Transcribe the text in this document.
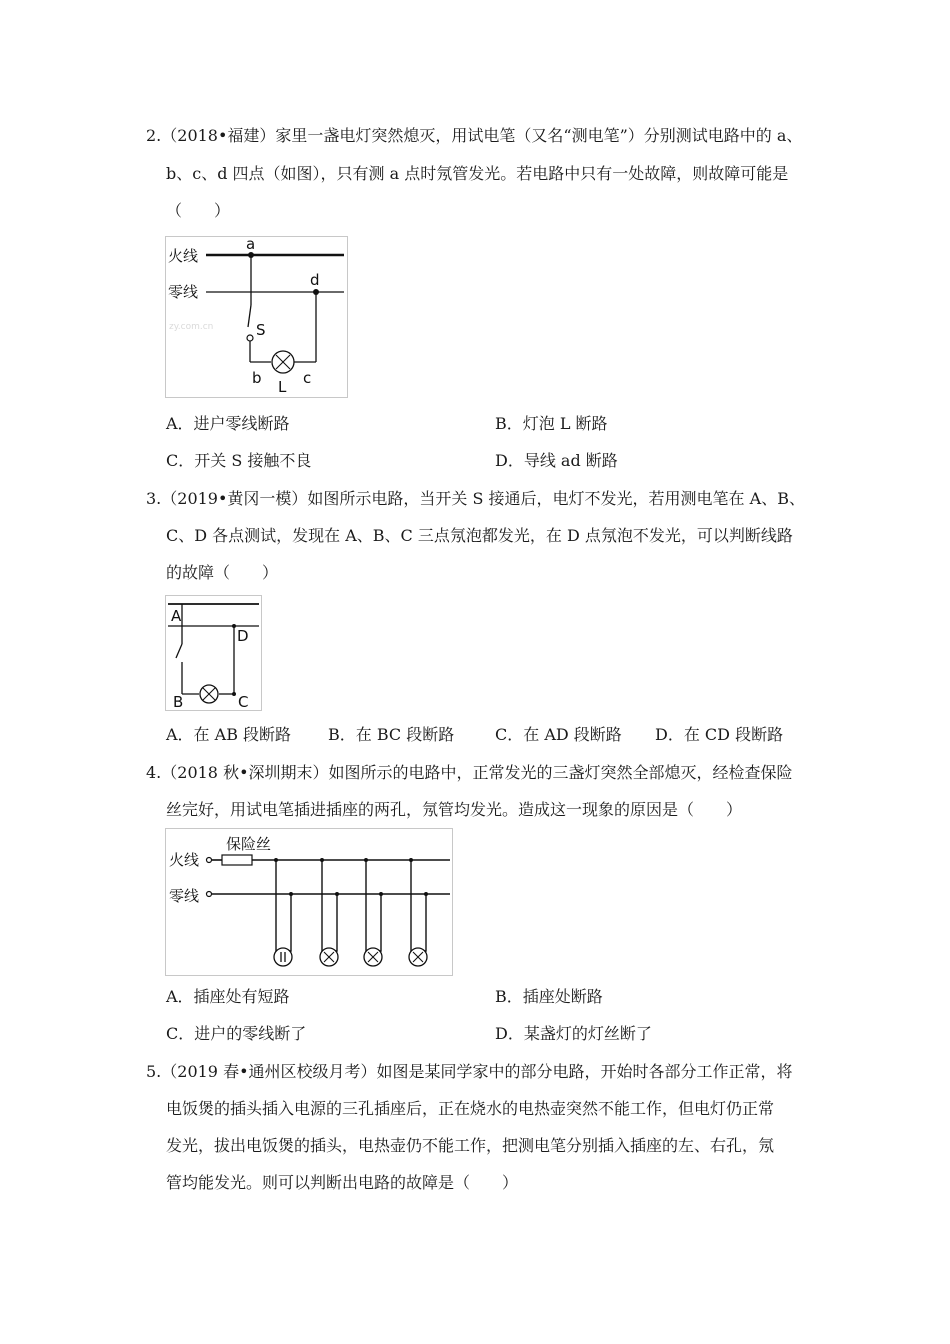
2.（2018•福建）家里一盏电灯突然熄灭，用试电笔（又名“测电笔”）分别测试电路中的 a、
b、c、d 四点（如图），只有测 a 点时氖管发光。若电路中只有一处故障，则故障可能是
（　　）
火线
零线
a
d
S
zy.com.cn
b L c
A．进户零线断路	B．灯泡 L 断路
C．开关 S 接触不良	D．导线 ad 断路
3.（2019•黄冈一模）如图所示电路，当开关 S 接通后，电灯不发光，若用测电笔在 A、B、
C、D 各点测试，发现在 A、B、C 三点氖泡都发光，在 D 点氖泡不发光，可以判断线路
的故障（　　）
A
D
B	C
A．在 AB 段断路 B．在 BC 段断路	C．在 AD 段断路 D．在 CD 段断路
4.（2018 秋•深圳期末）如图所示的电路中，正常发光的三盏灯突然全部熄灭，经检查保险
丝完好，用试电笔插进插座的两孔，氖管均发光。造成这一现象的原因是（　　）
火线
零线
保险丝
A．插座处有短路	B．插座处断路
C．进户的零线断了	D．某盏灯的灯丝断了
5.（2019 春•通州区校级月考）如图是某同学家中的部分电路，开始时各部分工作正常，将
电饭煲的插头插入电源的三孔插座后，正在烧水的电热壶突然不能工作，但电灯仍正常
发光，拔出电饭煲的插头，电热壶仍不能工作，把测电笔分别插入插座的左、右孔，氖
管均能发光。则可以判断出电路的故障是（　　）
